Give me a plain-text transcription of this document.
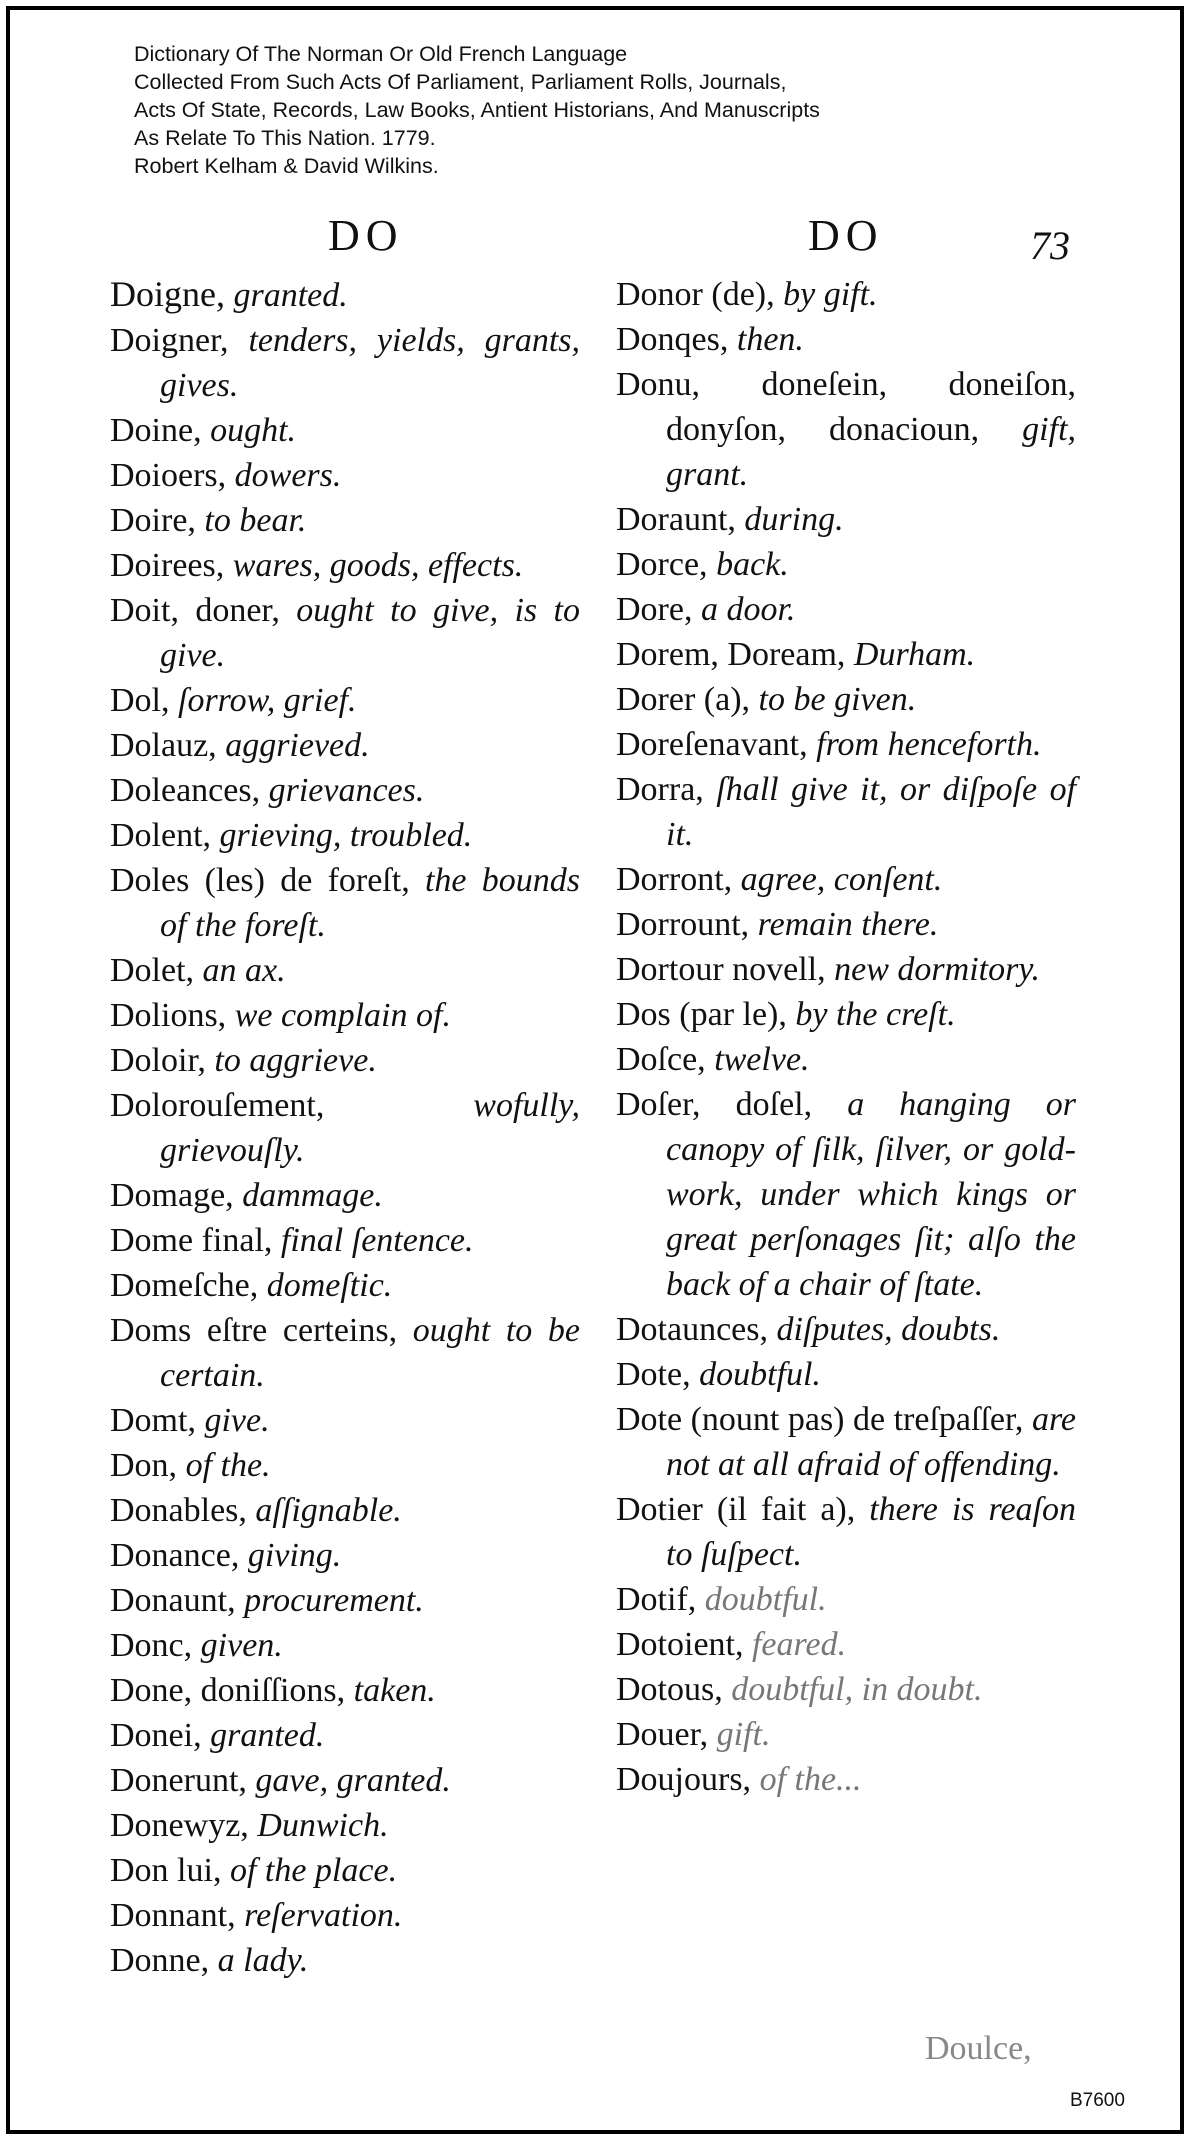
Dictionary Of The Norman Or Old French Language
Collected From Such Acts Of Parliament, Parliament Rolls, Journals,
Acts Of State, Records, Law Books, Antient Historians, And Manuscripts
As Relate To This Nation. 1779.
Robert Kelham & David Wilkins.
DO	DO	73

Doigne, granted.

Doigner, tenders, yields, grants, gives.

Doine, ought.

Doioers, dowers.

Doire, to bear.

Doirees, wares, goods, effects.

Doit, doner, ought to give, is to give.

Dol, ſorrow, grief.

Dolauz, aggrieved.

Doleances, grievances.

Dolent, grieving, troubled.

Doles (les) de foreſt, the bounds of the foreſt.

Dolet, an ax.

Dolions, we complain of.

Doloir, to aggrieve.

Dolorouſement,	wofully, grievouſly.

Domage, dammage.

Dome final, final ſentence.

Domeſche, domeſtic.

Doms eſtre certeins, ought to be certain.

Domt, give.

Don, of the.

Donables, aſſignable.

Donance, giving.

Donaunt, procurement.

Donc, given.

Done, doniſſions, taken.

Donei, granted.

Donerunt, gave, granted.

Donewyz, Dunwich.

Don lui, of the place.

Donnant, reſervation.

Donne, a lady.

Donor (de), by gift.

Donqes, then.

Donu, doneſein, doneiſon, donyſon, donacioun, gift, grant.

Doraunt, during.

Dorce, back.

Dore, a door.

Dorem, Doream, Durham.

Dorer (a), to be given.

Doreſenavant, from henceforth.

Dorra, ſhall give it, or diſpoſe of it.

Dorront, agree, conſent.

Dorrount, remain there.

Dortour novell, new dormitory.

Dos (par le), by the creſt.

Doſce, twelve.

Doſer, doſel, a hanging or canopy of ſilk, ſilver, or gold-work, under which kings or great perſonages ſit; alſo the back of a chair of ſtate.

Dotaunces, diſputes, doubts.

Dote, doubtful.

Dote (nount pas) de treſpaſſer, are not at all afraid of offending.

Dotier (il fait a), there is reaſon to ſuſpect.

Dotif, doubtful.

Dotoient, feared.

Dotous, doubtful, in doubt.

Douer, gift.

Doujours, of the...

Doulce,
B7600
